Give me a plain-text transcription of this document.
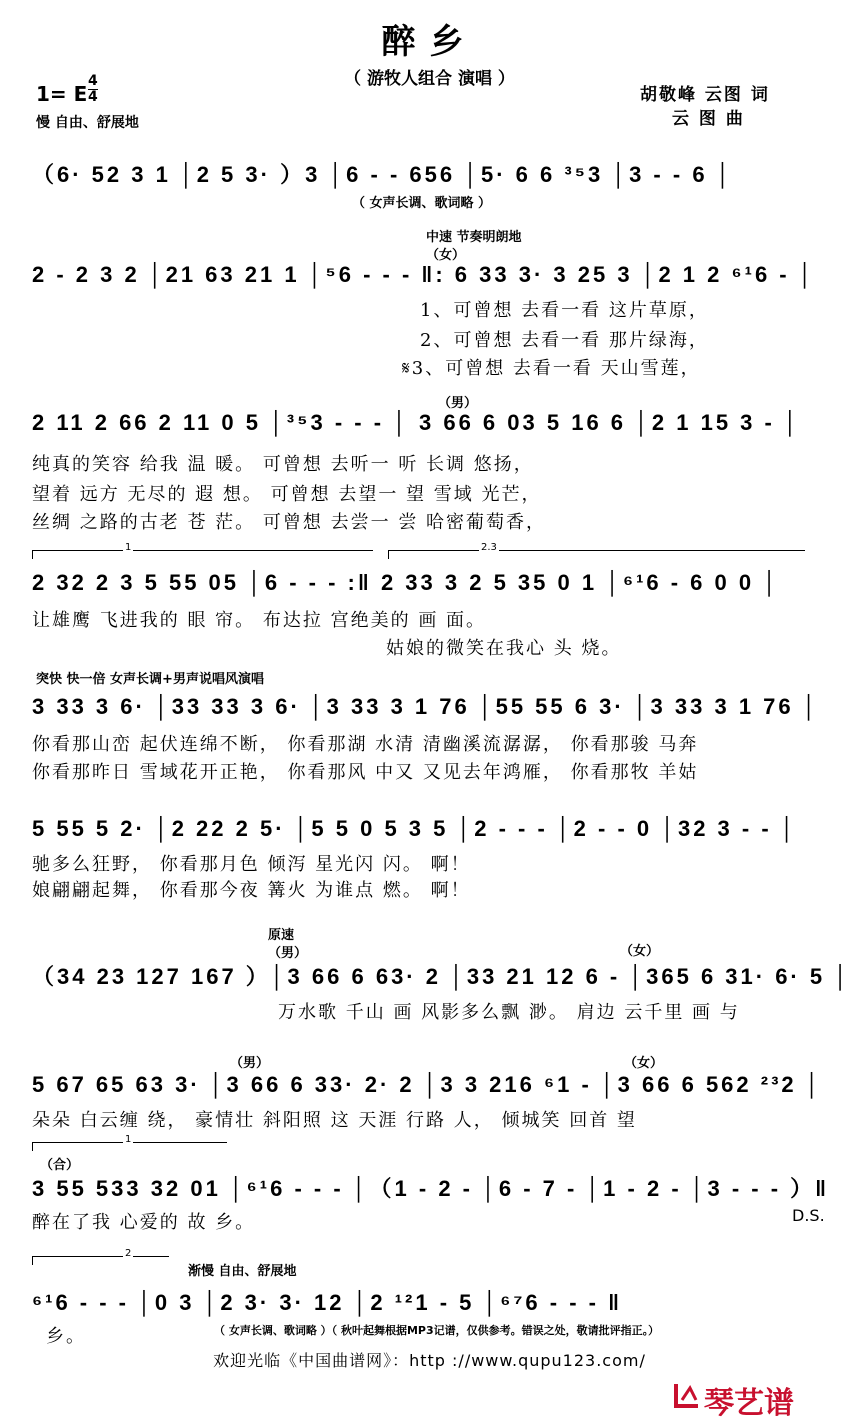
醉乡
（ 游牧人组合 演唱 ）
1= E
4
4
慢 自由、舒展地
胡敬峰 云图 词
云 图 曲
（6· 52 3 1 │2 5 3· ）3 │6 - - 656 │5· 6 6 ³⁵3 │3 - - 6 │
（ 女声长调、歌词略 ）
中速 节奏明朗地
（女）
2 - 2 3 2 │21 63 21 1 │⁵6 - - - ‖: 6 33 3· 3 25 3 │2 1 2 ⁶¹6 - │
1、可曾想 去看一看 这片草原，
2、可曾想 去看一看 那片绿海，
𝄋3、可曾想 去看一看 天山雪莲，
（男）
2 11 2 66 2 11 0 5 │³⁵3 - - - │ 3 66 6 03 5 16 6 │2 1 15 3 - │
纯真的笑容 给我 温 暖。 可曾想 去听一 听 长调 悠扬，
望着 远方 无尽的 遐 想。 可曾想 去望一 望 雪域 光芒，
丝绸 之路的古老 苍 茫。 可曾想 去尝一 尝 哈密葡萄香，
1	2.3
2 32 2 3 5 55 05 │6 - - - :‖ 2 33 3 2 5 35 0 1 │⁶¹6 - 6 0 0 │
让雄鹰 飞进我的 眼 帘。 布达拉 宫绝美的 画 面。
姑娘的微笑在我心 头 烧。
突快 快一倍 女声长调+男声说唱风演唱
3 33 3 6· │33 33 3 6· │3 33 3 1 76 │55 55 6 3· │3 33 3 1 76 │
你看那山峦 起伏连绵不断， 你看那湖 水清 清幽溪流潺潺， 你看那骏 马奔
你看那昨日 雪域花开正艳， 你看那风 中又 又见去年鸿雁， 你看那牧 羊姑
5 55 5 2· │2 22 2 5· │5 5 0 5 3 5 │2 - - - │2 - - 0 │32 3 - - │
驰多么狂野， 你看那月色 倾泻 星光闪 闪。 啊！
娘翩翩起舞， 你看那今夜 篝火 为谁点 燃。 啊！
原速
（男）	（女）
（34 23 127 167 ）│3 66 6 63· 2 │33 21 12 6 - │365 6 31· 6· 5 │
万水歌 千山 画 风影多么飘 渺。 肩边 云千里 画 与
（男）	（女）
5 67 65 63 3· │3 66 6 33· 2· 2 │3 3 216 ⁶1 - │3 66 6 562 ²³2 │
朵朵 白云缠 绕， 豪情壮 斜阳照 这 天涯 行路 人， 倾城笑 回首 望
1
（合）
3 55 533 32 01 │⁶¹6 - - - │（1 - 2 - │6 - 7 - │1 - 2 - │3 - - - ）‖
醉在了我 心爱的 故 乡。	D.S.
2
渐慢 自由、舒展地
⁶¹6 - - - │0 3 │2 3· 3· 12 │2 ¹²1 - 5 │⁶⁷6 - - - ‖
乡。	（ 女声长调、歌词略 ）（ 秋叶起舞根据MP3记谱，仅供参考。错误之处，敬请批评指正。）
欢迎光临《中国曲谱网》：http ://www.qupu123.com/
琴艺谱
